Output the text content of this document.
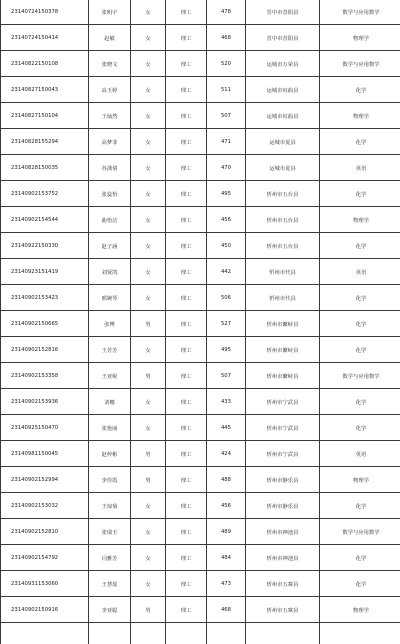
23140724150378	张明宇	女	理工	478	晋中市昔阳县	数学与应用数学
23140724150414	赵敏	女	理工	468	晋中市昔阳县	物理学
23140822150108	张晓文	女	理工	520	运城市万荣县	数学与应用数学
23140827150043	高玉婷	女	理工	511	运城市垣曲县	化学
23140827150104	王灿然	女	理工	507	运城市垣曲县	物理学
23140828155294	高梦菲	女	理工	471	运城市夏县	化学
23140828150035	谷潇倩	女	理工	470	运城市夏县	英语
23140902153752	张蕊怡	女	理工	495	忻州市五台县	化学
23140902154544	曲怡洁	女	理工	456	忻州市五台县	物理学
23140922150330	赵子涵	女	理工	450	忻州市五台县	化学
23140923151419	刘贤凯	女	理工	442	忻州市代县	英语
23140902153423	邢婉琴	女	理工	506	忻州市代县	化学
23140902150665	张博	男	理工	527	忻州市繁峙县	化学
23140902152816	王芳芳	女	理工	495	忻州市繁峙县	化学
23140902153358	王亚妮	男	理工	507	忻州市繁峙县	数学与应用数学
23140902153936	刘娜	女	理工	433	忻州市宁武县	化学
23140925150470	张艳丽	女	理工	445	忻州市宁武县	化学
23140981150045	赵梓彬	男	理工	424	忻州市宁武县	英语
23140902152994	李佳霞	男	理工	488	忻州市静乐县	物理学
23140902153032	王琼菊	女	理工	456	忻州市静乐县	化学
23140902152810	张瑞玉	女	理工	489	忻州市神池县	数学与应用数学
23140902154792	闫雅芳	女	理工	484	忻州市神池县	化学
23140931153060	王慧瑶	女	理工	473	忻州市五寨县	化学
23140902150916	李亚聪	男	理工	468	忻州市五寨县	物理学
